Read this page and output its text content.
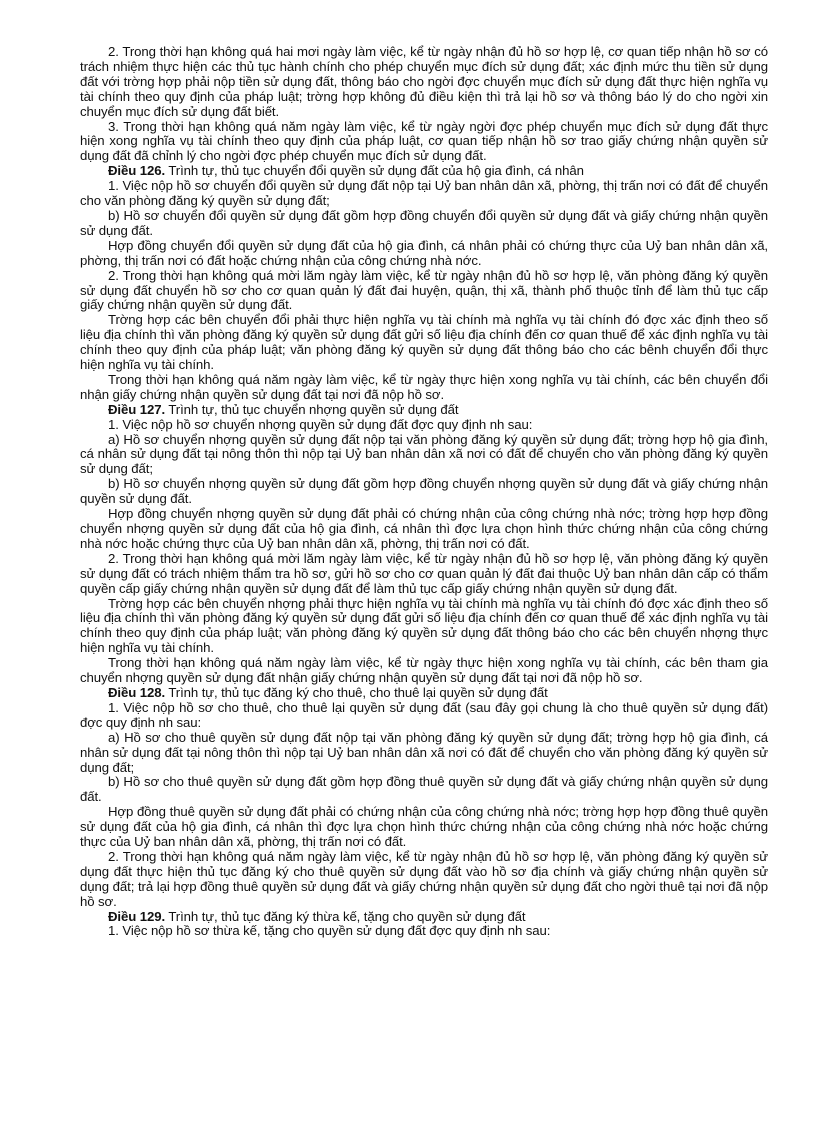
2. Trong thời hạn không quá hai mơi ngày làm việc, kể từ ngày nhận đủ hồ sơ hợp lệ, cơ quan tiếp nhận hồ sơ có trách nhiệm thực hiện các thủ tục hành chính cho phép chuyển mục đích sử dụng đất; xác định mức thu tiền sử dụng đất với trờng hợp phải nộp tiền sử dụng đất, thông báo cho ngời đợc chuyển mục đích sử dụng đất thực hiện nghĩa vụ tài chính theo quy định của pháp luật; trờng hợp không đủ điều kiện thì trả lại hồ sơ và thông báo lý do cho ngời xin chuyển mục đích sử dụng đất biết.

3. Trong thời hạn không quá năm ngày làm việc, kể từ ngày ngời đợc phép chuyển mục đích sử dụng đất thực hiện xong nghĩa vụ tài chính theo quy định của pháp luật, cơ quan tiếp nhận hồ sơ trao giấy chứng nhận quyền sử dụng đất đã chỉnh lý cho ngời đợc phép chuyển mục đích sử dụng đất.

Điều 126. Trình tự, thủ tục chuyển đổi quyền sử dụng đất của hộ gia đình, cá nhân

1. Việc nộp hồ sơ chuyển đổi quyền sử dụng đất nộp tại Uỷ ban nhân dân xã, phờng, thị trấn nơi có đất để chuyển cho văn phòng đăng ký quyền sử dụng đất;

b) Hồ sơ chuyển đổi quyền sử dụng đất gồm hợp đồng chuyển đổi quyền sử dụng đất và giấy chứng nhận quyền sử dụng đất.

Hợp đồng chuyển đổi quyền sử dụng đất của hộ gia đình, cá nhân phải có chứng thực của Uỷ ban nhân dân xã, phờng, thị trấn nơi có đất hoặc chứng nhận của công chứng nhà nớc.

2. Trong thời hạn không quá mời lăm ngày làm việc, kể từ ngày nhận đủ hồ sơ hợp lệ, văn phòng đăng ký quyền sử dụng đất chuyển hồ sơ cho cơ quan quản lý đất đai huyện, quận, thị xã, thành phố thuộc tỉnh để làm thủ tục cấp giấy chứng nhận quyền sử dụng đất.

Trờng hợp các bên chuyển đổi phải thực hiện nghĩa vụ tài chính mà nghĩa vụ tài chính đó đợc xác định theo số liệu địa chính thì văn phòng đăng ký quyền sử dụng đất gửi số liệu địa chính đến cơ quan thuế để xác định nghĩa vụ tài chính theo quy định của pháp luật; văn phòng đăng ký quyền sử dụng đất thông báo cho các bênh chuyển đổi thực hiện nghĩa vụ tài chính.

Trong thời hạn không quá năm ngày làm việc, kể từ ngày thực hiện xong nghĩa vụ tài chính, các bên chuyển đổi nhận giấy chứng nhận quyền sử dụng đất tại nơi đã nộp hồ sơ.

Điều 127. Trình tự, thủ tục chuyển nhợng quyền sử dụng đất

1. Việc nộp hồ sơ chuyển nhợng quyền sử dụng đất đợc quy định nh sau:

a) Hồ sơ chuyển nhợng quyền sử dụng đất nộp tại văn phòng đăng ký quyền sử dụng đất; trờng hợp hộ gia đình, cá nhân sử dụng đất tại nông thôn thì nộp tại Uỷ ban nhân dân xã nơi có đất để chuyển cho văn phòng đăng ký quyền sử dụng đất;

b) Hồ sơ chuyển nhợng quyền sử dụng đất gồm hợp đồng chuyển nhợng quyền sử dụng đất và giấy chứng nhận quyền sử dụng đất.

Hợp đồng chuyển nhợng quyền sử dụng đất phải có chứng nhận của công chứng nhà nớc; trờng hợp hợp đồng chuyển nhợng quyền sử dụng đất của hộ gia đình, cá nhân thì đợc lựa chọn hình thức chứng nhận của công chứng nhà nớc hoặc chứng thực của Uỷ ban nhân dân xã, phờng, thị trấn nơi có đất.

2. Trong thời hạn không quá mời lăm ngày làm việc, kể từ ngày nhận đủ hồ sơ hợp lệ, văn phòng đăng ký quyền sử dụng đất có trách nhiệm thẩm tra hồ sơ, gửi hồ sơ cho cơ quan quản lý đất đai thuộc Uỷ ban nhân dân cấp có thẩm quyền cấp giấy chứng nhận quyền sử dụng đất để làm thủ tục cấp giấy chứng nhận quyền sử dụng đất.

Trờng hợp các bên chuyển nhợng phải thực hiện nghĩa vụ tài chính mà nghĩa vụ tài chính đó đợc xác định theo số liệu địa chính thì văn phòng đăng ký quyền sử dụng đất gửi số liệu địa chính đến cơ quan thuế để xác định nghĩa vụ tài chính theo quy định của pháp luật; văn phòng đăng ký quyền sử dụng đất thông báo cho các bên chuyển nhợng thực hiện nghĩa vụ tài chính.

Trong thời hạn không quá năm ngày làm việc, kể từ ngày thực hiện xong nghĩa vụ tài chính, các bên tham gia chuyển nhợng quyền sử dụng đất nhận giấy chứng nhận quyền sử dụng đất tại nơi đã nộp hồ sơ.

Điều 128. Trình tự, thủ tục đăng ký cho thuê, cho thuê lại quyền sử dụng đất

1. Việc nộp hồ sơ cho thuê, cho thuê lại quyền sử dụng đất (sau đây gọi chung là cho thuê quyền sử dụng đất) đợc quy định nh sau:

a) Hồ sơ cho thuê quyền sử dụng đất nộp tại văn phòng đăng ký quyền sử dụng đất; trờng hợp hộ gia đình, cá nhân sử dụng đất tại nông thôn thì nộp tại Uỷ ban nhân dân xã nơi có đất để chuyển cho văn phòng đăng ký quyền sử dụng đất;

b) Hồ sơ cho thuê quyền sử dụng đất gồm hợp đồng thuê quyền sử dụng đất và giấy chứng nhận quyền sử dụng đất.

Hợp đồng thuê quyền sử dụng đất phải có chứng nhận của công chứng nhà nớc; trờng hợp hợp đồng thuê quyền sử dụng đất của hộ gia đình, cá nhân thì đợc lựa chọn hình thức chứng nhận của công chứng nhà nớc hoặc chứng thực của Uỷ ban nhân dân xã, phờng, thị trấn nơi có đất.

2. Trong thời hạn không quá năm ngày làm việc, kể từ ngày nhận đủ hồ sơ hợp lệ, văn phòng đăng ký quyền sử dụng đất thực hiện thủ tục đăng ký cho thuê quyền sử dụng đất vào hồ sơ địa chính và giấy chứng nhận quyền sử dụng đất; trả lại hợp đồng thuê quyền sử dụng đất và giấy chứng nhận quyền sử dụng đất cho ngời thuê tại nơi đã nộp hồ sơ.

Điều 129. Trình tự, thủ tục đăng ký thừa kế, tặng cho quyền sử dụng đất

1. Việc nộp hồ sơ thừa kế, tặng cho quyền sử dụng đất đợc quy định nh sau:
